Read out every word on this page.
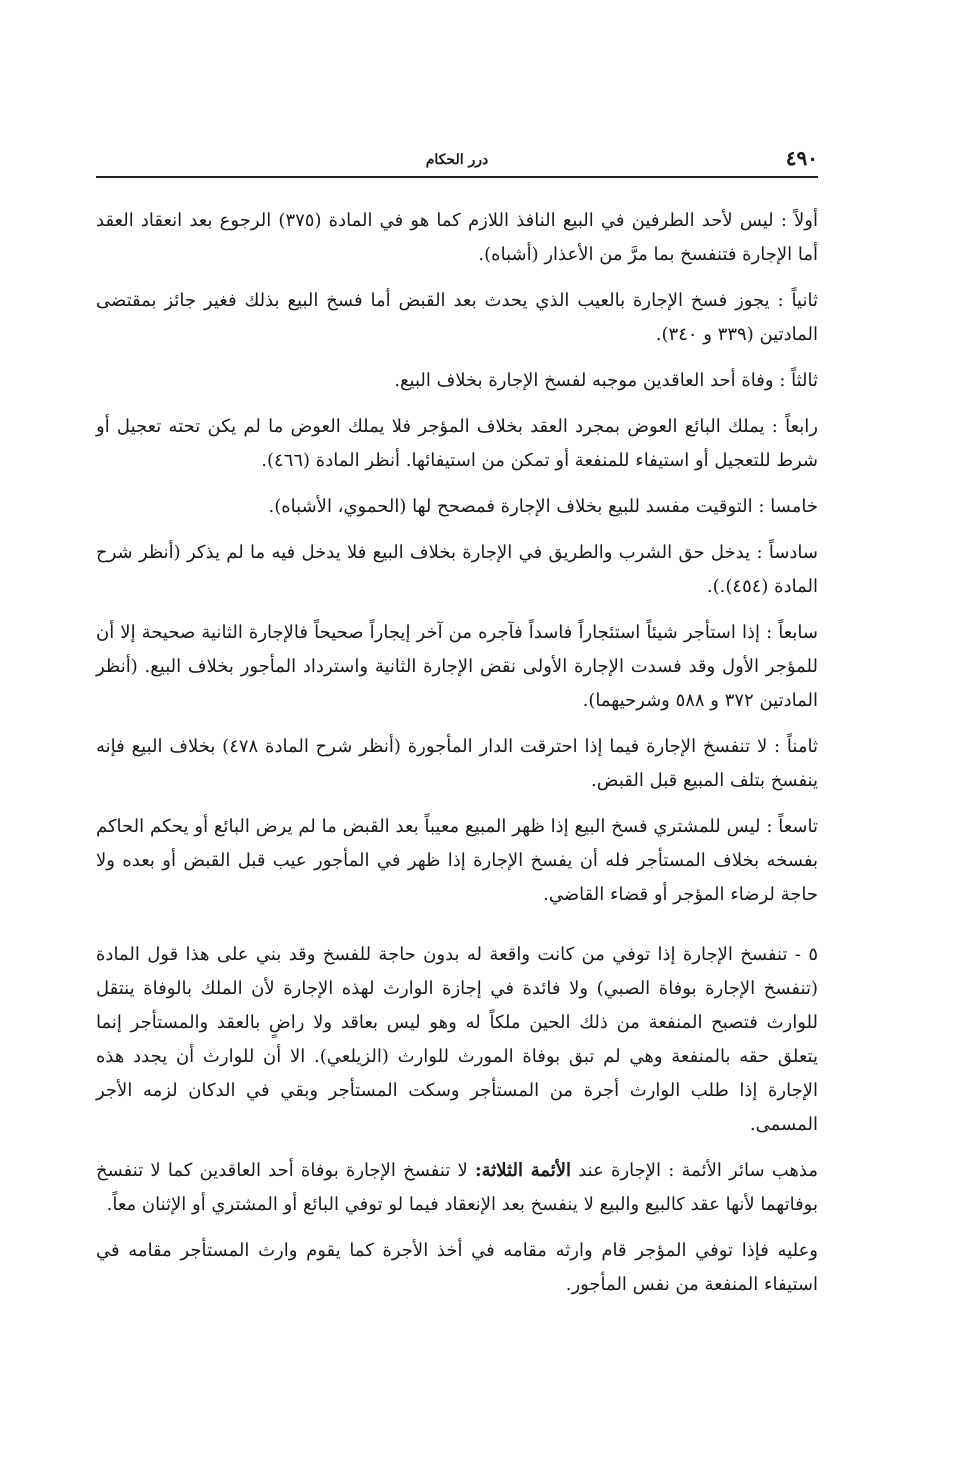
٤٩٠
درر الحكام

أولاً : ليس لأحد الطرفين في البيع النافذ اللازم كما هو في المادة (٣٧٥) الرجوع بعد انعقاد العقد أما الإجارة فتنفسخ بما مرَّ من الأعذار (أشباه).

ثانياً : يجوز فسخ الإجارة بالعيب الذي يحدث بعد القبض أما فسخ البيع بذلك فغير جائز بمقتضى المادتين (٣٣٩ و ٣٤٠).

ثالثاً : وفاة أحد العاقدين موجبه لفسخ الإجارة بخلاف البيع.

رابعاً : يملك البائع العوض بمجرد العقد بخلاف المؤجر فلا يملك العوض ما لم يكن تحته تعجيل أو شرط للتعجيل أو استيفاء للمنفعة أو تمكن من استيفائها. أنظر المادة (٤٦٦).

خامسا : التوقيت مفسد للبيع بخلاف الإجارة فمصحح لها (الحموي، الأشباه).

سادساً : يدخل حق الشرب والطريق في الإجارة بخلاف البيع فلا يدخل فيه ما لم يذكر (أنظر شرح المادة (٤٥٤).).

سابعاً : إذا استأجر شيئاً استئجاراً فاسداً فآجره من آخر إيجاراً صحيحاً فالإجارة الثانية صحيحة إلا أن للمؤجر الأول وقد فسدت الإجارة الأولى نقض الإجارة الثانية واسترداد المأجور بخلاف البيع. (أنظر المادتين ٣٧٢ و ٥٨٨ وشرحيهما).

ثامناً : لا تنفسخ الإجارة فيما إذا احترقت الدار المأجورة (أنظر شرح المادة ٤٧٨) بخلاف البيع فإنه ينفسخ بتلف المبيع قبل القبض.

تاسعاً : ليس للمشتري فسخ البيع إذا ظهر المبيع معيباً بعد القبض ما لم يرض البائع أو يحكم الحاكم بفسخه بخلاف المستأجر فله أن يفسخ الإجارة إذا ظهر في المأجور عيب قبل القبض أو بعده ولا حاجة لرضاء المؤجر أو قضاء القاضي.

٥ - تنفسخ الإجارة إذا توفي من كانت واقعة له بدون حاجة للفسخ وقد بني على هذا قول المادة (تنفسخ الإجارة بوفاة الصبي) ولا فائدة في إجازة الوارث لهذه الإجارة لأن الملك بالوفاة ينتقل للوارث فتصبح المنفعة من ذلك الحين ملكاً له وهو ليس بعاقد ولا راضٍ بالعقد والمستأجر إنما يتعلق حقه بالمنفعة وهي لم تبق بوفاة المورث للوارث (الزيلعي). الا أن للوارث أن يجدد هذه الإجارة إذا طلب الوارث أجرة من المستأجر وسكت المستأجر وبقي في الدكان لزمه الأجر المسمى.

مذهب سائر الأئمة : الإجارة عند الأئمة الثلاثة: لا تنفسخ الإجارة بوفاة أحد العاقدين كما لا تنفسخ بوفاتهما لأنها عقد كالبيع والبيع لا ينفسخ بعد الإنعقاد فيما لو توفي البائع أو المشتري أو الإثنان معاً.

وعليه فإذا توفي المؤجر قام وارثه مقامه في أخذ الأجرة كما يقوم وارث المستأجر مقامه في استيفاء المنفعة من نفس المأجور.
